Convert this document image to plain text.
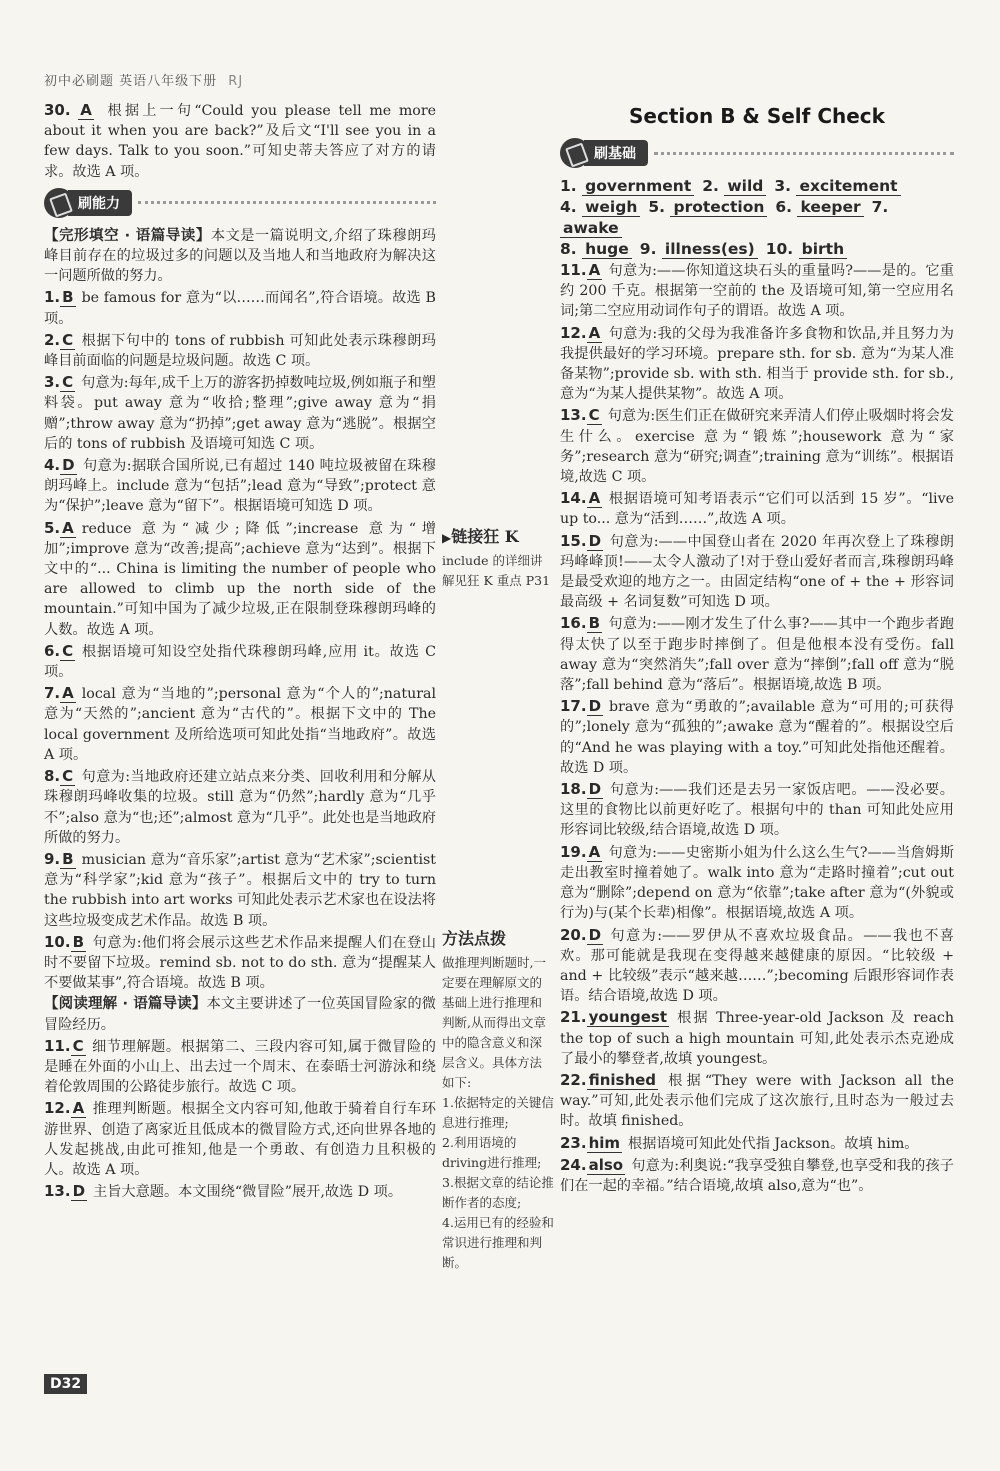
初中必刷题 英语八年级下册 RJ
30. A 根据上一句“Could you please tell me more about it when you are back?”及后文“I'll see you in a few days. Talk to you soon.”可知史蒂夫答应了对方的请求。故选 A 项。
刷能力
【完形填空 · 语篇导读】本文是一篇说明文,介绍了珠穆朗玛峰目前存在的垃圾过多的问题以及当地人和当地政府为解决这一问题所做的努力。
1. B be famous for 意为“以……而闻名”,符合语境。故选 B 项。
2. C 根据下句中的 tons of rubbish 可知此处表示珠穆朗玛峰目前面临的问题是垃圾问题。故选 C 项。
3. C 句意为:每年,成千上万的游客扔掉数吨垃圾,例如瓶子和塑料袋。put away 意为“收拾;整理”;give away 意为“捐赠”;throw away 意为“扔掉”;get away 意为“逃脱”。根据空后的 tons of rubbish 及语境可知选 C 项。
4. D 句意为:据联合国所说,已有超过 140 吨垃圾被留在珠穆朗玛峰上。include 意为“包括”;lead 意为“导致”;protect 意为“保护”;leave 意为“留下”。根据语境可知选 D 项。
5. A reduce 意为“减少;降低”;increase 意为“增加”;improve 意为“改善;提高”;achieve 意为“达到”。根据下文中的“... China is limiting the number of people who are allowed to climb up the north side of the mountain.”可知中国为了减少垃圾,正在限制登珠穆朗玛峰的人数。故选 A 项。
6. C 根据语境可知设空处指代珠穆朗玛峰,应用 it。故选 C 项。
7. A local 意为“当地的”;personal 意为“个人的”;natural 意为“天然的”;ancient 意为“古代的”。根据下文中的 The local government 及所给选项可知此处指“当地政府”。故选 A 项。
8. C 句意为:当地政府还建立站点来分类、回收利用和分解从珠穆朗玛峰收集的垃圾。still 意为“仍然”;hardly 意为“几乎不”;also 意为“也;还”;almost 意为“几乎”。此处也是当地政府所做的努力。
9. B musician 意为“音乐家”;artist 意为“艺术家”;scientist 意为“科学家”;kid 意为“孩子”。根据后文中的 try to turn the rubbish into art works 可知此处表示艺术家也在设法将这些垃圾变成艺术作品。故选 B 项。
10. B 句意为:他们将会展示这些艺术作品来提醒人们在登山时不要留下垃圾。remind sb. not to do sth. 意为“提醒某人不要做某事”,符合语境。故选 B 项。
【阅读理解 · 语篇导读】本文主要讲述了一位英国冒险家的微冒险经历。
11. C 细节理解题。根据第二、三段内容可知,属于微冒险的是睡在外面的小山上、出去过一个周末、在泰晤士河游泳和绕着伦敦周围的公路徒步旅行。故选 C 项。
12. A 推理判断题。根据全文内容可知,他敢于骑着自行车环游世界、创造了离家近且低成本的微冒险方式,还向世界各地的人发起挑战,由此可推知,他是一个勇敢、有创造力且积极的人。故选 A 项。
13. D 主旨大意题。本文围绕“微冒险”展开,故选 D 项。
▶链接狂 K
include 的详细讲解见狂 K 重点 P31
方法点拨
做推理判断题时,一定要在理解原文的基础上进行推理和判断,从而得出文章中的隐含意义和深层含义。具体方法如下:
1.依据特定的关键信息进行推理;
2.利用语境的driving进行推理;
3.根据文章的结论推断作者的态度;
4.运用已有的经验和常识进行推理和判断。
Section B & Self Check
刷基础
1. government 2. wild 3. excitement
4. weigh 5. protection 6. keeper 7. awake
8. huge 9. illness(es) 10. birth
11. A 句意为:——你知道这块石头的重量吗?——是的。它重约 200 千克。根据第一空前的 the 及语境可知,第一空应用名词;第二空应用动词作句子的谓语。故选 A 项。
12. A 句意为:我的父母为我准备许多食物和饮品,并且努力为我提供最好的学习环境。prepare sth. for sb. 意为“为某人准备某物”;provide sb. with sth. 相当于 provide sth. for sb.,意为“为某人提供某物”。故选 A 项。
13. C 句意为:医生们正在做研究来弄清人们停止吸烟时将会发生什么。exercise 意为“锻炼”;housework 意为“家务”;research 意为“研究;调查”;training 意为“训练”。根据语境,故选 C 项。
14. A 根据语境可知考语表示“它们可以活到 15 岁”。“live up to... 意为“活到……”,故选 A 项。
15. D 句意为:——中国登山者在 2020 年再次登上了珠穆朗玛峰峰顶!——太令人激动了!对于登山爱好者而言,珠穆朗玛峰是最受欢迎的地方之一。由固定结构“one of + the + 形容词最高级 + 名词复数”可知选 D 项。
16. B 句意为:——刚才发生了什么事?——其中一个跑步者跑得太快了以至于跑步时摔倒了。但是他根本没有受伤。fall away 意为“突然消失”;fall over 意为“摔倒”;fall off 意为“脱落”;fall behind 意为“落后”。根据语境,故选 B 项。
17. D brave 意为“勇敢的”;available 意为“可用的;可获得的”;lonely 意为“孤独的”;awake 意为“醒着的”。根据设空后的“And he was playing with a toy.”可知此处指他还醒着。故选 D 项。
18. D 句意为:——我们还是去另一家饭店吧。——没必要。这里的食物比以前更好吃了。根据句中的 than 可知此处应用形容词比较级,结合语境,故选 D 项。
19. A 句意为:——史密斯小姐为什么这么生气?——当詹姆斯走出教室时撞着她了。walk into 意为“走路时撞着”;cut out 意为“删除”;depend on 意为“依靠”;take after 意为“(外貌或行为)与(某个长辈)相像”。根据语境,故选 A 项。
20. D 句意为:——罗伊从不喜欢垃圾食品。——我也不喜欢。那可能就是我现在变得越来越健康的原因。“比较级 + and + 比较级”表示“越来越……”;becoming 后跟形容词作表语。结合语境,故选 D 项。
21. youngest 根据 Three-year-old Jackson 及 reach the top of such a high mountain 可知,此处表示杰克逊成了最小的攀登者,故填 youngest。
22. finished 根据“They were with Jackson all the way.”可知,此处表示他们完成了这次旅行,且时态为一般过去时。故填 finished。
23. him 根据语境可知此处代指 Jackson。故填 him。
24. also 句意为:利奥说:“我享受独自攀登,也享受和我的孩子们在一起的幸福。”结合语境,故填 also,意为“也”。
D32
